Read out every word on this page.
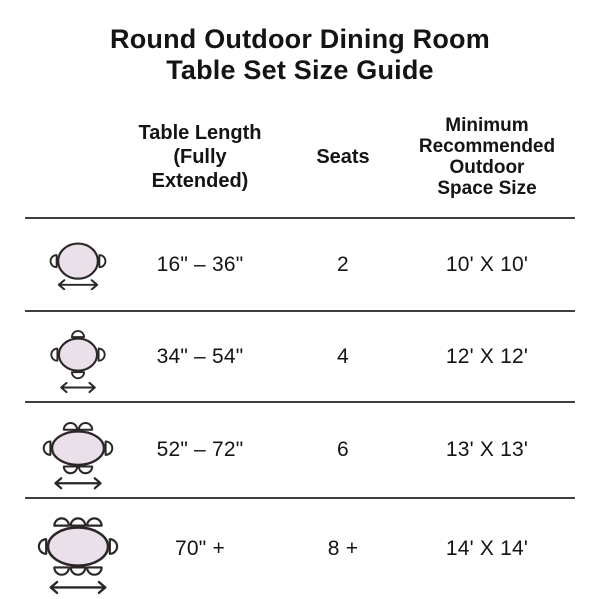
Round Outdoor Dining Room
Table Set Size Guide
Table Length
(Fully Extended)
Seats
Minimum
Recommended
Outdoor
Space Size
16" – 36"	2	10' X 10'
34" – 54"	4	12' X 12'
52" – 72"	6	13' X 13'
70" +	8 +	14' X 14'
